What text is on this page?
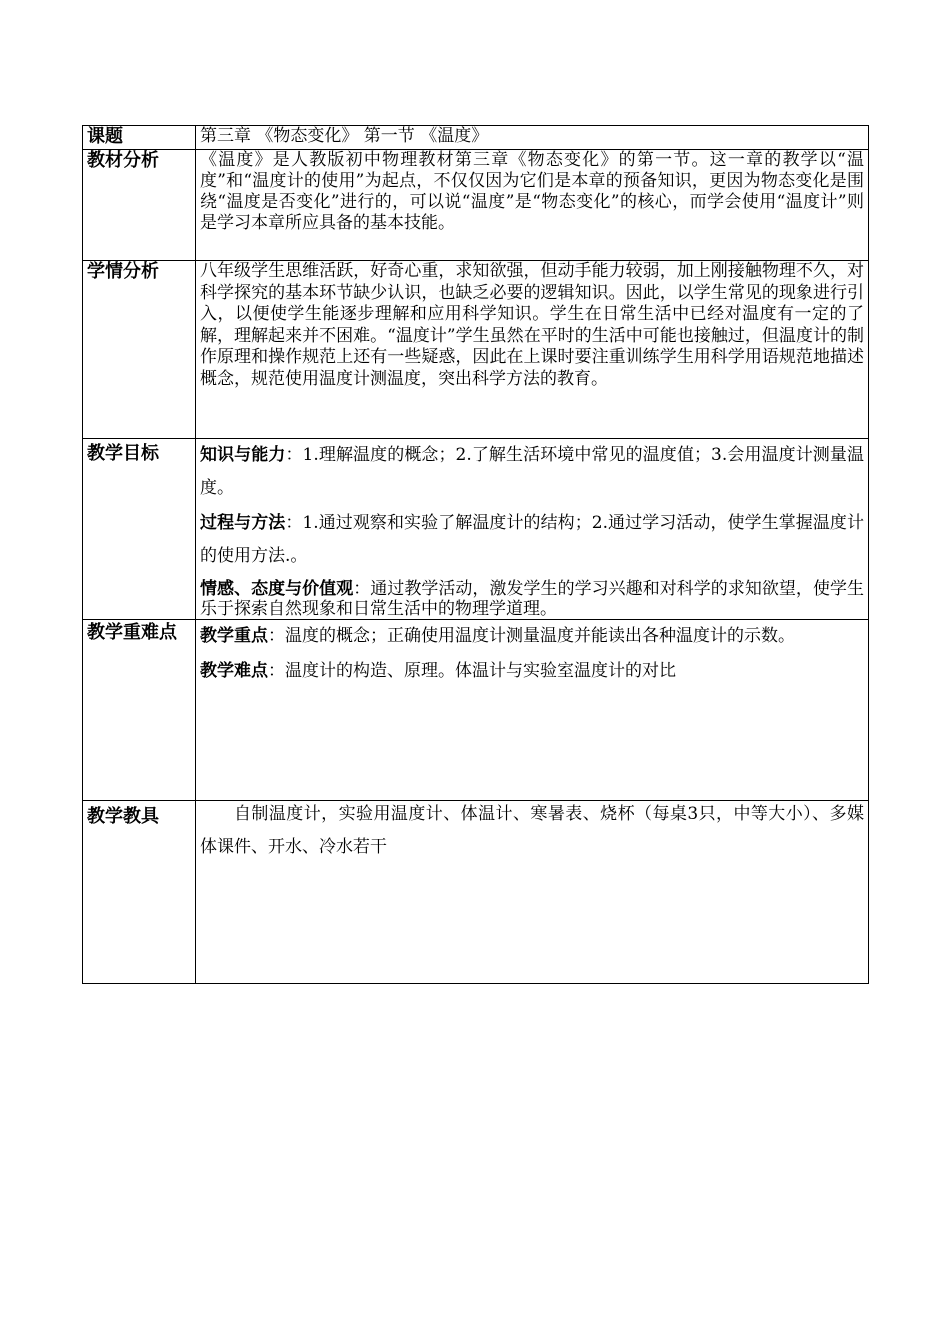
课题	第三章 《物态变化》 第一节 《温度》
教材分析	《温度》是人教版初中物理教材第三章《物态变化》的第一节。这一章的教学以“温度”和“温度计的使用”为起点，不仅仅因为它们是本章的预备知识，更因为物态变化是围绕“温度是否变化”进行的，可以说“温度”是“物态变化”的核心，而学会使用“温度计”则是学习本章所应具备的基本技能。
学情分析	八年级学生思维活跃，好奇心重，求知欲强，但动手能力较弱，加上刚接触物理不久，对科学探究的基本环节缺少认识，也缺乏必要的逻辑知识。因此，以学生常见的现象进行引入，以便使学生能逐步理解和应用科学知识。学生在日常生活中已经对温度有一定的了解，理解起来并不困难。“温度计”学生虽然在平时的生活中可能也接触过，但温度计的制作原理和操作规范上还有一些疑惑，因此在上课时要注重训练学生用科学用语规范地描述概念，规范使用温度计测温度，突出科学方法的教育。
教学目标	知识与能力：1.理解温度的概念；2.了解生活环境中常见的温度值；3.会用温度计测量温度。

过程与方法：1.通过观察和实验了解温度计的结构；2.通过学习活动，使学生掌握温度计的使用方法.。

情感、态度与价值观：通过教学活动，激发学生的学习兴趣和对科学的求知欲望，使学生乐于探索自然现象和日常生活中的物理学道理。

教学重难点	教学重点：温度的概念；正确使用温度计测量温度并能读出各种温度计的示数。

教学难点：温度计的构造、原理。体温计与实验室温度计的对比

教学教具	自制温度计，实验用温度计、体温计、寒暑表、烧杯（每桌3只，中等大小）、多媒体课件、开水、冷水若干
